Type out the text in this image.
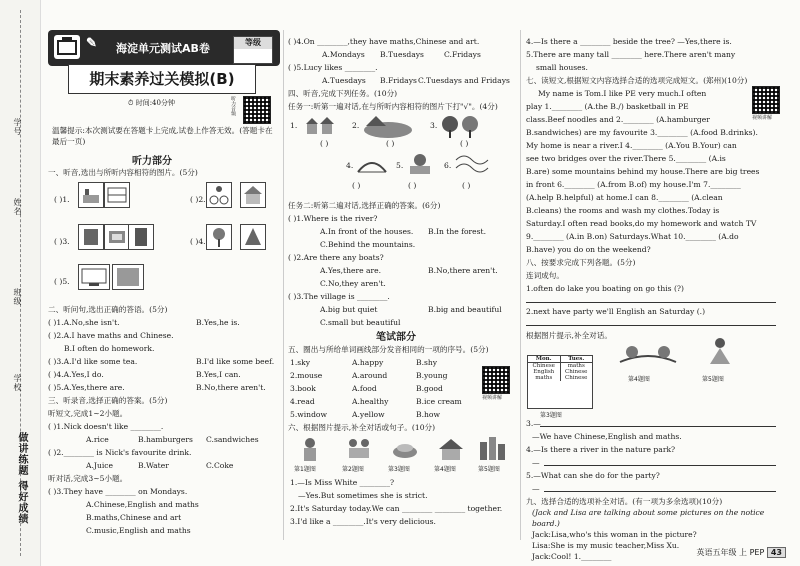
学号
姓名
班级
学校
做讲练题 得好成绩
✎	海淀单元测试AB卷	等级
期末素养过关模拟(B)
⏱ 时间:40分钟	听力音频
温馨提示:本次测试要在答题卡上完成,试卷上作答无效。(答题卡在最后一页)
听力部分
一、听音,选出与所听内容相符的图片。(5分)
( )1.	( )2.
( )3.	( )4.
( )5.
二、听问句,选出正确的答语。(5分)
( )1.A.No,she isn't.	B.Yes,he is.
( )2.A.I have maths and Chinese.
B.I often do homework.
( )3.A.I'd like some tea.	B.I'd like some beef.
( )4.A.Yes,I do.	B.Yes,I can.
( )5.A.Yes,there are.	B.No,there aren't.
三、听录音,选择正确的答案。(5分)
听短文,完成1~2小题。
( )1.Nick doesn't like ________.
A.rice	B.hamburgers C.sandwiches
( )2.________ is Nick's favourite drink.
A.Juice	B.Water	C.Coke
听对话,完成3~5小题。
( )3.They have ________ on Mondays.
A.Chinese,English and maths
B.maths,Chinese and art
C.music,English and maths
( )4.On ________,they have maths,Chinese and art.
A.Mondays B.Tuesdays	C.Fridays
( )5.Lucy likes ________.
A.Tuesdays B.Fridays C.Tuesdays and Fridays
四、听音,完成下列任务。(10分)
任务一:听第一遍对话,在与所听内容相符的图片下打"√"。(4分)
1.	2.	3.
( )	( )	( )
4.	5.	6.
( )	( )	( )
任务二:听第二遍对话,选择正确的答案。(6分)
( )1.Where is the river?
A.In front of the houses. B.In the forest.
C.Behind the mountains.
( )2.Are there any boats?
A.Yes,there are.	B.No,there aren't.
C.No,they aren't.
( )3.The village is ________.
A.big but quiet	B.big and beautiful
C.small but beautiful
笔试部分
五、圈出与所给单词画线部分发音相同的一项的序号。(5分)
1.sky	A.happy	B.shy
2.mouse	A.around	B.young
3.book	A.food	B.good
4.read	A.healthy	B.ice cream
5.window	A.yellow	B.how
视频讲解
六、根据图片提示,补全对话或句子。(10分)
第1题图	第2题图	第3题图	第4题图	第5题图
1.—Is Miss White ________?
—Yes.But sometimes she is strict.
2.It's Saturday today.We can ________ ________ together.
3.I'd like a ________.It's very delicious.
4.—Is there a ________ beside the tree? —Yes,there is.
5.There are many tall ________ here.There aren't many
small houses.
七、读短文,根据短文内容选择合适的选项完成短文。(郑州)(10分)
My name is Tom.I like PE very much.I often
play 1.________ (A.the B./) basketball in PE
class.Beef noodles and 2.________ (A.hamburger
B.sandwiches) are my favourite 3.________ (A.food B.drinks).
My home is near a river.I 4.________ (A.You B.Your) can
see two bridges over the river.There 5.________ (A.is
B.are) some mountains behind my house.There are big trees
in front 6.________ (A.from B.of) my house.I'm 7.________
(A.help B.helpful) at home.I can 8.________ (A.clean
B.cleans) the rooms and wash my clothes.Today is
Saturday.I often read books,do my homework and watch TV
9.________ (A.in B.on) Saturdays.What 10.________ (A.do
B.have) you do on the weekend?
视频讲解
八、按要求完成下列各题。(5分)
连词成句。
1.often do lake you boating on go this (?)
2.next have party we'll English an Saturday (.)
根据图片提示,补全对话。
Mon.	Tues.
Chinese	maths
English	Chinese
maths	Chinese
第3题图
第4题图	第5题图
3.—
—We have Chinese,English and maths.
4.—Is there a river in the nature park?
—
5.—What can she do for the party?
—
九、选择合适的选项补全对话。(有一项为多余选项)(10分)
(Jack and Lisa are talking about some pictures on the notice
board.)
Jack:Lisa,who's this woman in the picture?
Lisa:She is my music teacher,Miss Xu.
Jack:Cool! 1.________	英语五年级 上 PEP 43
